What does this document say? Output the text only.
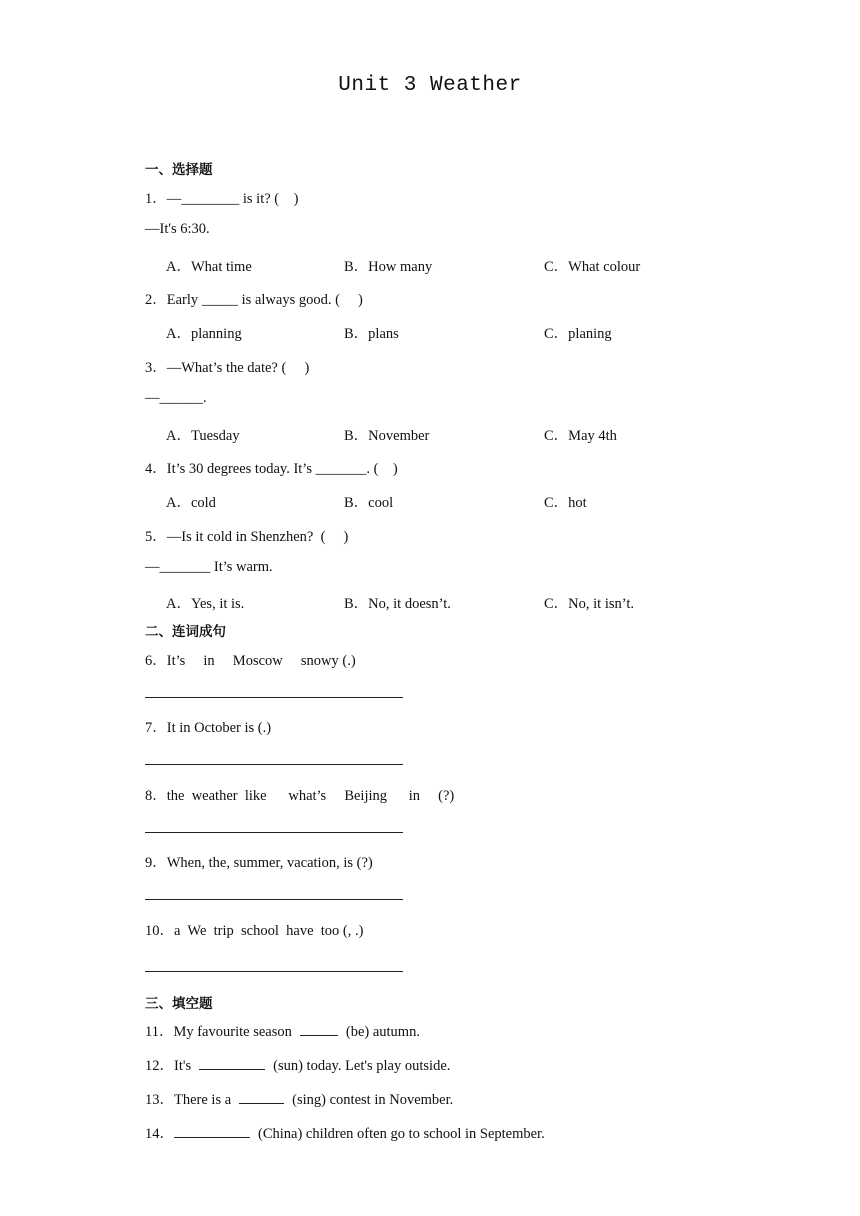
Unit 3 Weather
一、选择题
1．—________ is it? (    )
—It's 6:30.
A．What time	B．How many	C．What colour
2．Early _____ is always good. (     )
A．planning	B．plans	C．planing
3．—What’s the date? (     )
—______.
A．Tuesday	B．November	C．May 4th
4．It’s 30 degrees today. It’s _______. (    )
A．cold	B．cool	C．hot
5．—Is it cold in Shenzhen?  (     )
—_______ It’s warm.
A．Yes, it is.	B．No, it doesn’t.	C．No, it isn’t.
二、连词成句
6．It’s     in     Moscow     snowy (.)
7．It in October is (.)
8．the  weather  like      what’s     Beijing      in     (?)
9．When, the, summer, vacation, is (?)
10．a  We  trip  school  have  too (, .)
三、填空题
11．My favourite season	(be) autumn.
12．It's	(sun) today. Let's play outside.
13．There is a	(sing) contest in November.
14．	(China) children often go to school in September.
